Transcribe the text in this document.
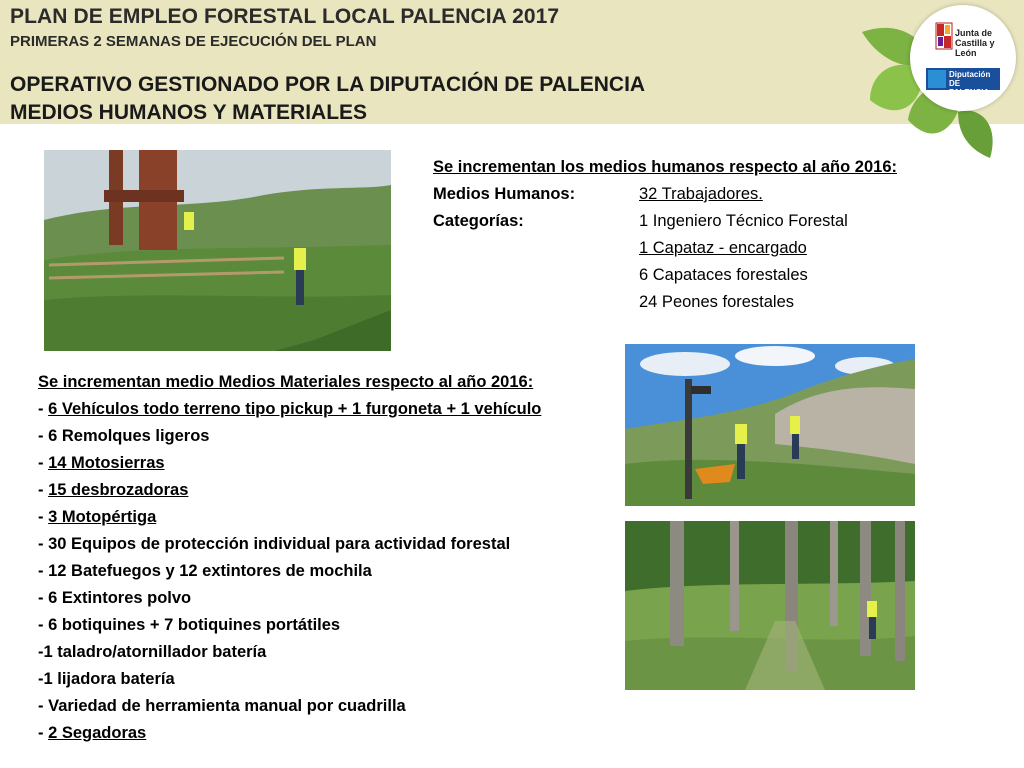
PLAN DE EMPLEO FORESTAL LOCAL PALENCIA 2017
PRIMERAS 2 SEMANAS DE EJECUCIÓN DEL PLAN
OPERATIVO GESTIONADO POR LA DIPUTACIÓN DE PALENCIA
MEDIOS HUMANOS Y MATERIALES
Junta de
Castilla y León
Diputación
DE PALENCIA
Se incrementan los medios humanos respecto al año 2016:
Medios Humanos:	32 Trabajadores.
Categorías:	1 Ingeniero Técnico Forestal
1 Capataz - encargado
6 Capataces forestales
24 Peones forestales
Se incrementan medio Medios Materiales respecto al año 2016:
- 6 Vehículos todo terreno tipo pickup + 1 furgoneta + 1 vehículo
- 6 Remolques ligeros
- 14 Motosierras
- 15 desbrozadoras
- 3 Motopértiga
- 30 Equipos de protección individual para actividad forestal
- 12 Batefuegos y 12 extintores de mochila
- 6 Extintores polvo
- 6 botiquines + 7 botiquines portátiles
-1 taladro/atornillador batería
-1 lijadora batería
- Variedad de herramienta manual por cuadrilla
- 2 Segadoras
